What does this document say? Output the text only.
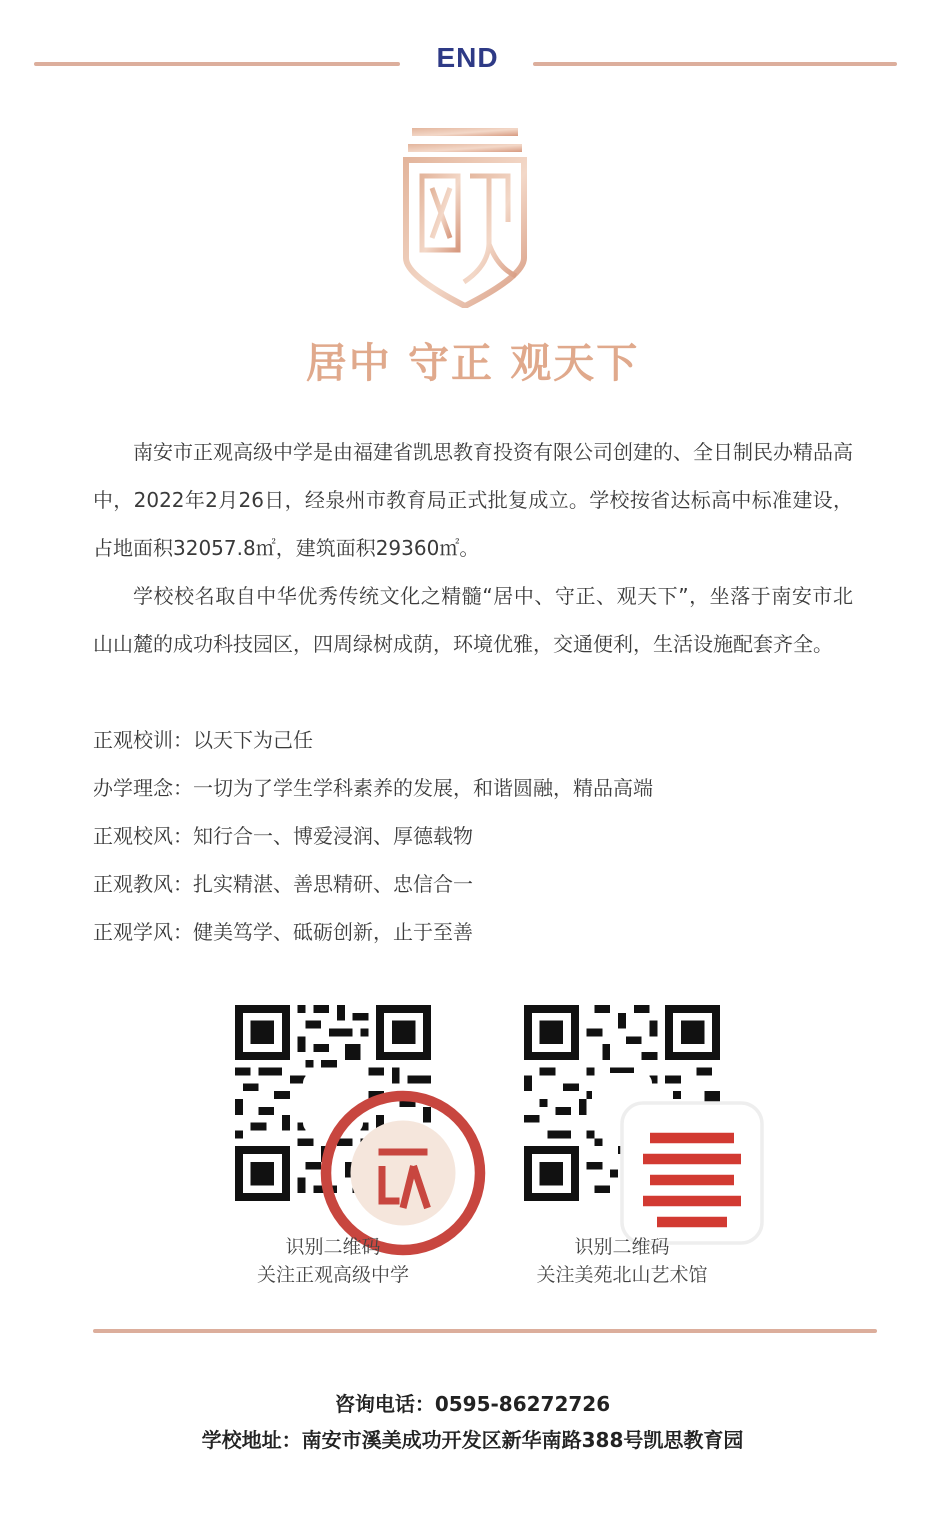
END
居中 守正 观天下

南安市正观高级中学是由福建省凯思教育投资有限公司创建的、全日制民办精品高中，2022年2月26日，经泉州市教育局正式批复成立。学校按省达标高中标准建设，占地面积32057.8㎡，建筑面积29360㎡。

学校校名取自中华优秀传统文化之精髓“居中、守正、观天下”，坐落于南安市北山山麓的成功科技园区，四周绿树成荫，环境优雅，交通便利，生活设施配套齐全。

正观校训：以天下为己任

办学理念：一切为了学生学科素养的发展，和谐圆融，精品高端

正观校风：知行合一、博爱浸润、厚德载物

正观教风：扎实精湛、善思精研、忠信合一

正观学风：健美笃学、砥砺创新，止于至善

识别二维码
关注正观高级中学
识别二维码
关注美苑北山艺术馆
咨询电话：0595-86272726
学校地址：南安市溪美成功开发区新华南路388号凯思教育园
